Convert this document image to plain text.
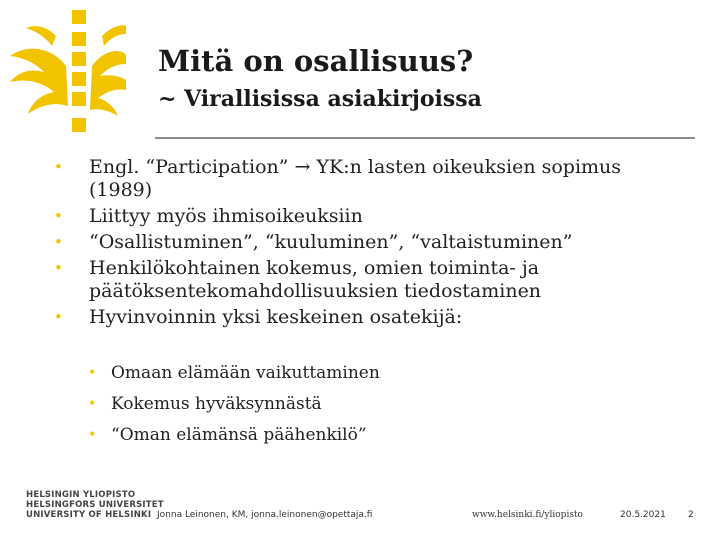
Mitä on osallisuus?
~ Virallisissa asiakirjoissa
• Engl. “Participation” → YK:n lasten oikeuksien sopimus
(1989)
• Liittyy myös ihmisoikeuksiin
• “Osallistuminen”, “kuuluminen”, “valtaistuminen”
• Henkilökohtainen kokemus, omien toiminta- ja
päätöksentekomahdollisuuksien tiedostaminen
• Hyvinvoinnin yksi keskeinen osatekijä:
• Omaan elämään vaikuttaminen
• Kokemus hyväksynnästä
• “Oman elämänsä päähenkilö”
HELSINGIN YLIOPISTO
HELSINGFORS UNIVERSITET
UNIVERSITY OF HELSINKI Jonna Leinonen, KM, jonna.leinonen@opettaja.fi	www.helsinki.fi/yliopisto	20.5.2021 2
